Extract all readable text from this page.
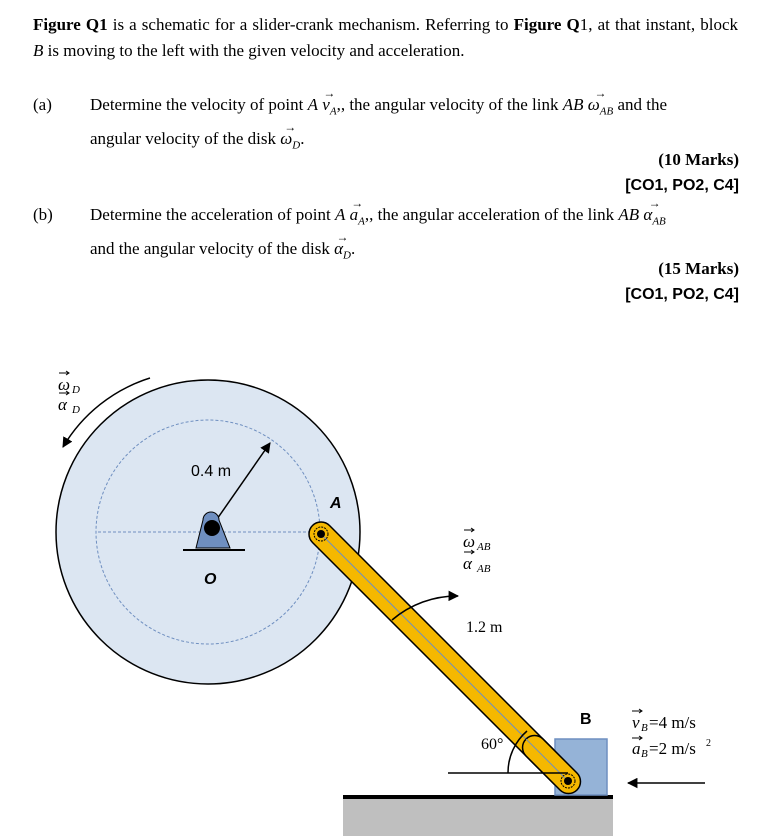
Figure Q1 is a schematic for a slider-crank mechanism. Referring to Figure Q1, at that instant, block B is moving to the left with the given velocity and acceleration.
(a) Determine the velocity of point $A \to v_A$,, the angular velocity of the link AB → $\omega_{AB}$ and the
angular velocity of the disk → $\omega_D$.
(10 Marks)
[CO1, PO2, C4]
(b) Determine the acceleration of point $A \to a_A$,, the angular acceleration of the link AB → $\alpha_{AB}$
and the angular velocity of the disk → $\alpha_D$.
(15 Marks)
[CO1, PO2, C4]
0.4 m
O
A
B
1.2 m
60°
ω AB
α AB
ω D
α D
v B =4 m/s
a B =2 m/s 2
